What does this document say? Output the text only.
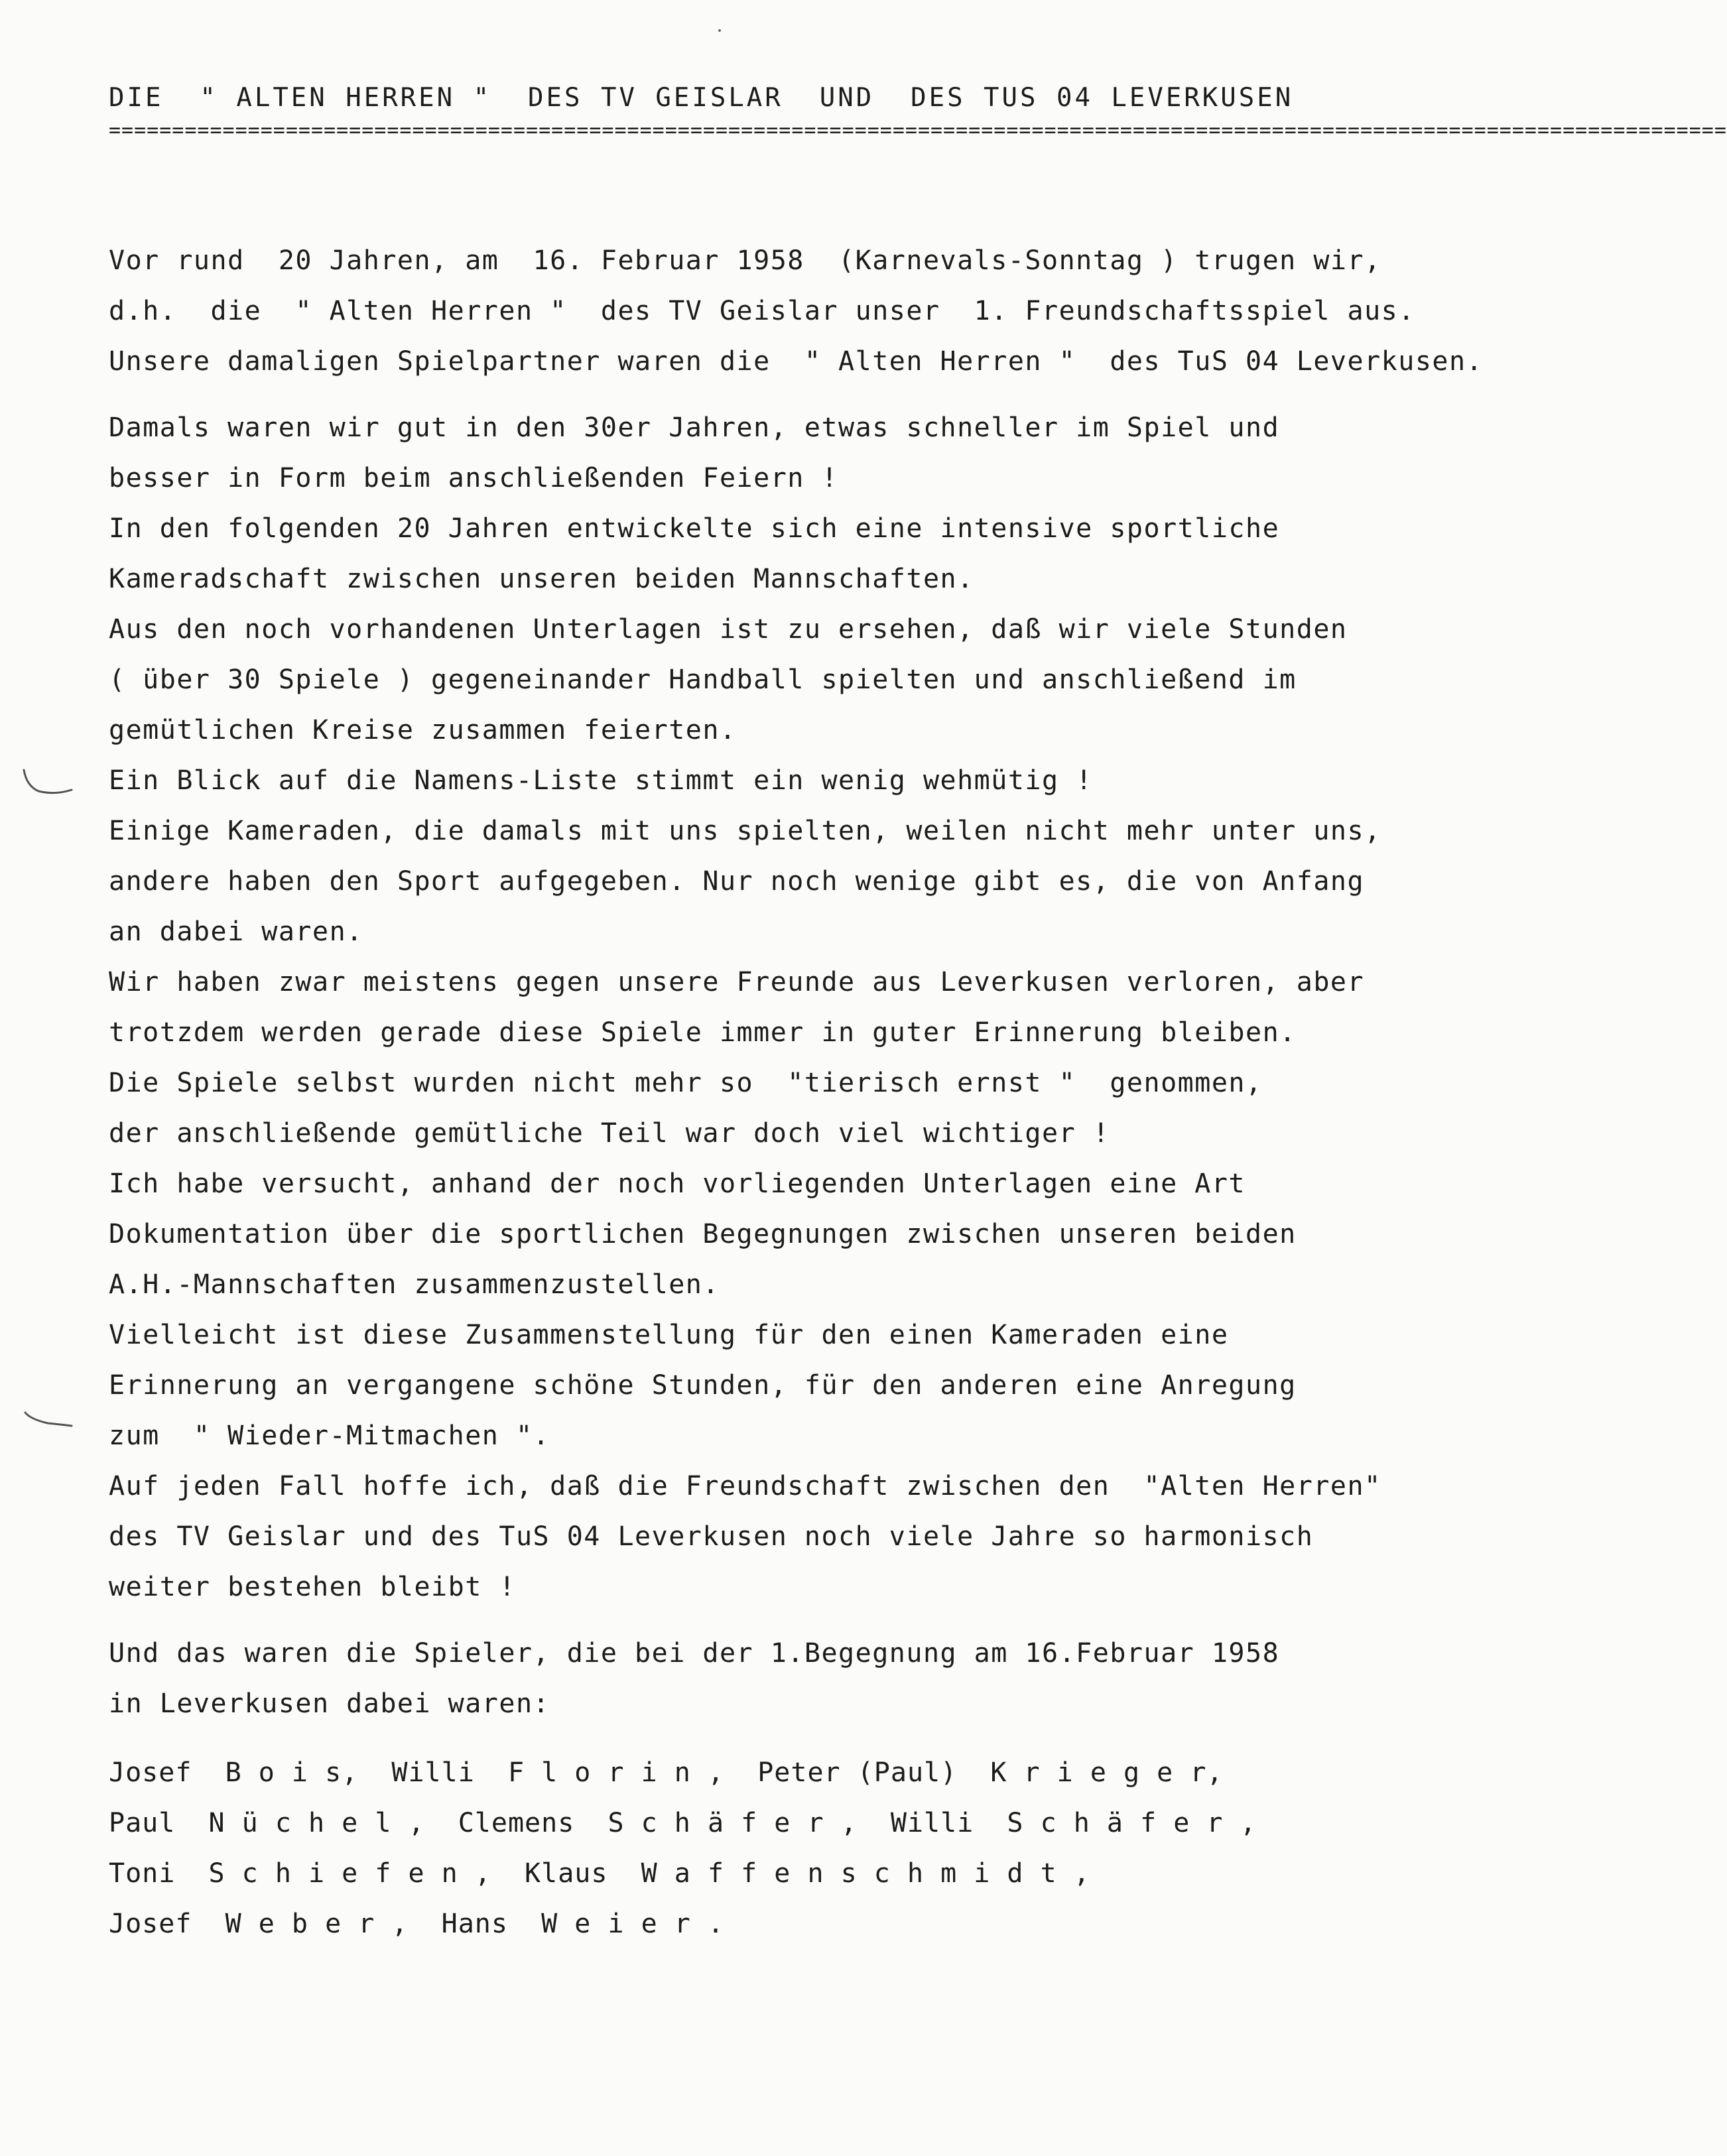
DIE  " ALTEN HERREN "  DES TV GEISLAR  UND  DES TUS 04 LEVERKUSEN
================================================================================================================================
Vor rund  20 Jahren, am  16. Februar 1958  (Karnevals-Sonntag ) trugen wir,
d.h.  die  " Alten Herren "  des TV Geislar unser  1. Freundschaftsspiel aus.
Unsere damaligen Spielpartner waren die  " Alten Herren "  des TuS 04 Leverkusen.
Damals waren wir gut in den 30er Jahren, etwas schneller im Spiel und
besser in Form beim anschließenden Feiern !
In den folgenden 20 Jahren entwickelte sich eine intensive sportliche
Kameradschaft zwischen unseren beiden Mannschaften.
Aus den noch vorhandenen Unterlagen ist zu ersehen, daß wir viele Stunden
( über 30 Spiele ) gegeneinander Handball spielten und anschließend im
gemütlichen Kreise zusammen feierten.
Ein Blick auf die Namens-Liste stimmt ein wenig wehmütig !
Einige Kameraden, die damals mit uns spielten, weilen nicht mehr unter uns,
andere haben den Sport aufgegeben. Nur noch wenige gibt es, die von Anfang
an dabei waren.
Wir haben zwar meistens gegen unsere Freunde aus Leverkusen verloren, aber
trotzdem werden gerade diese Spiele immer in guter Erinnerung bleiben.
Die Spiele selbst wurden nicht mehr so  "tierisch ernst "  genommen,
der anschließende gemütliche Teil war doch viel wichtiger !
Ich habe versucht, anhand der noch vorliegenden Unterlagen eine Art
Dokumentation über die sportlichen Begegnungen zwischen unseren beiden
A.H.-Mannschaften zusammenzustellen.
Vielleicht ist diese Zusammenstellung für den einen Kameraden eine
Erinnerung an vergangene schöne Stunden, für den anderen eine Anregung
zum  " Wieder-Mitmachen ".
Auf jeden Fall hoffe ich, daß die Freundschaft zwischen den  "Alten Herren"
des TV Geislar und des TuS 04 Leverkusen noch viele Jahre so harmonisch
weiter bestehen bleibt !
Und das waren die Spieler, die bei der 1.Begegnung am 16.Februar 1958
in Leverkusen dabei waren:
Josef  B o i s,  Willi  F l o r i n ,  Peter (Paul)  K r i e g e r,
Paul  N ü c h e l ,  Clemens  S c h ä f e r ,  Willi  S c h ä f e r ,
Toni  S c h i e f e n ,  Klaus  W a f f e n s c h m i d t ,
Josef  W e b e r ,  Hans  W e i e r .
